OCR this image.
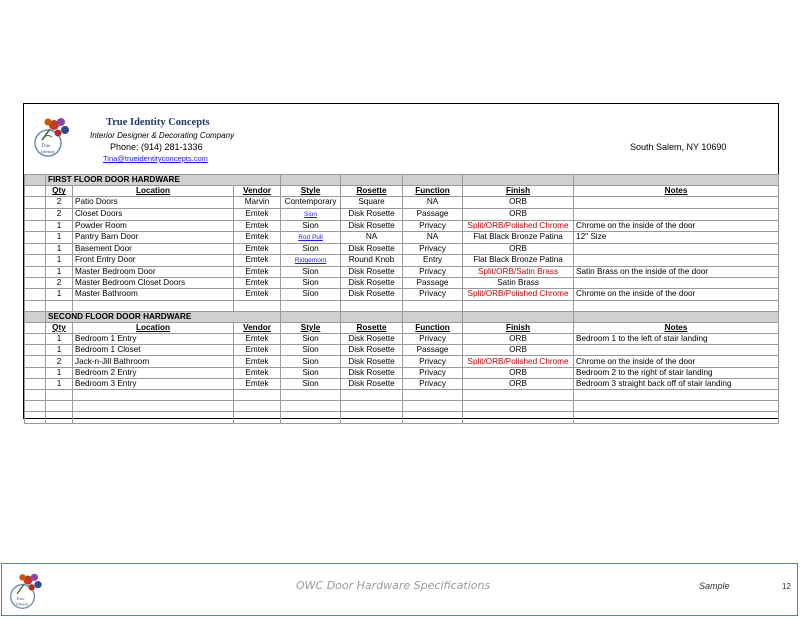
True
Identity
True Identity Concepts
Interior Designer & Decorating Company
Phone: (914) 281-1336
Tina@trueidentityconcepts.com
South Salem, NY 10690
	FIRST FLOOR DOOR HARDWARE							
	Qty	Location	Vendor	Style	Rosette	Function	Finish	Notes
	2	Patio Doors	Marvin	Contemporary	Square	NA	ORB	
	2	Closet Doors	Emtek	Sion	Disk Rosette	Passage	ORB	
	1	Powder Room	Emtek	Sion	Disk Rosette	Privacy	Split/ORB/Polished Chrome	Chrome on the inside of the door
	1	Pantry Barn Door	Emtek	Rod Pull	NA	NA	Flat Black Bronze Patina	12" Size
	1	Basement Door	Emtek	Sion	Disk Rosette	Privacy	ORB	
	1	Front Entry Door	Emtek	Ridgemont	Round Knob	Entry	Flat Black Bronze Patina	
	1	Master Bedroom Door	Emtek	Sion	Disk Rosette	Privacy	Split/ORB/Satin Brass	Satin Brass on the inside of the door
	2	Master Bedroom Closet Doors	Emtek	Sion	Disk Rosette	Passage	Satin Brass	
	1	Master Bathroom	Emtek	Sion	Disk Rosette	Privacy	Split/ORB/Polished Chrome	Chrome on the inside of the door

	SECOND FLOOR DOOR HARDWARE							
	Qty	Location	Vendor	Style	Rosette	Function	Finish	Notes
	1	Bedroom 1 Entry	Emtek	Sion	Disk Rosette	Privacy	ORB	Bedroom 1 to the left of stair landing
	1	Bedroom 1 Closet	Emtek	Sion	Disk Rosette	Passage	ORB	
	2	Jack-n-Jill Bathroom	Emtek	Sion	Disk Rosette	Privacy	Split/ORB/Polished Chrome	Chrome on the inside of the door
	1	Bedroom 2 Entry	Emtek	Sion	Disk Rosette	Privacy	ORB	Bedroom 2 to the right of stair landing
	1	Bedroom 3 Entry	Emtek	Sion	Disk Rosette	Privacy	ORB	Bedroom 3 straight back off of stair landing

True
Identity
OWC Door Hardware Specifications	Sample	12
